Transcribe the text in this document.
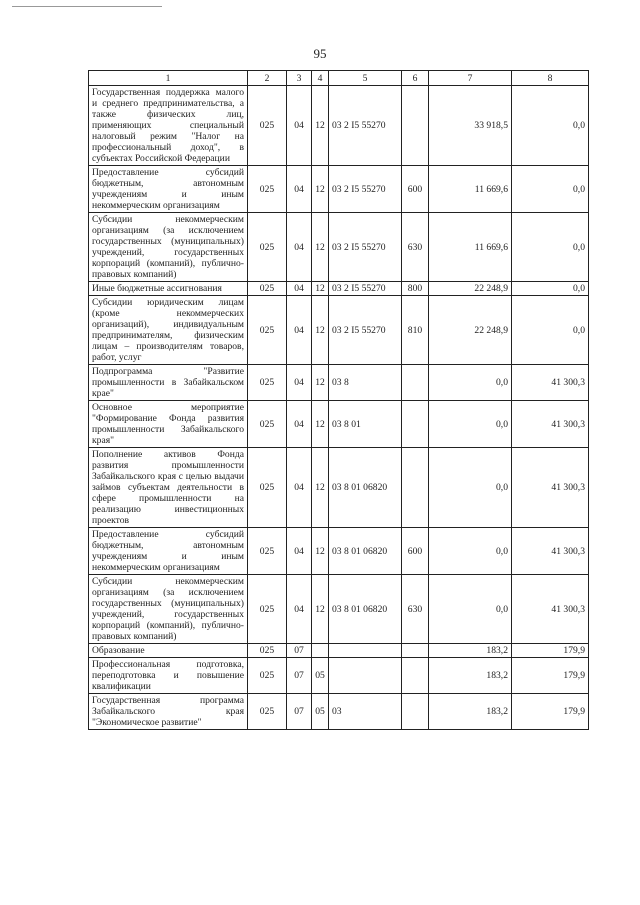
95
1	2	3	4	5	6	7	8
Государственная поддержка малого и среднего предпринимательства, а также физических лиц, применяющих специальный налоговый режим "Налог на профессиональный доход", в субъектах Российской Федерации	025	04	12	03 2 I5 55270		33 918,5	0,0
Предоставление субсидий бюджетным, автономным учреждениям и иным некоммерческим организациям	025	04	12	03 2 I5 55270	600	11 669,6	0,0
Субсидии некоммерческим организациям (за исключением государственных (муниципальных) учреждений, государственных корпораций (компаний), публично-правовых компаний)	025	04	12	03 2 I5 55270	630	11 669,6	0,0
Иные бюджетные ассигнования	025	04	12	03 2 I5 55270	800	22 248,9	0,0
Субсидии юридическим лицам (кроме некоммерческих организаций), индивидуальным предпринимателям, физическим лицам – производителям товаров, работ, услуг	025	04	12	03 2 I5 55270	810	22 248,9	0,0
Подпрограмма "Развитие промышленности в Забайкальском крае"	025	04	12	03 8		0,0	41 300,3
Основное мероприятие "Формирование Фонда развития промышленности Забайкальского края"	025	04	12	03 8 01		0,0	41 300,3
Пополнение активов Фонда развития промышленности Забайкальского края с целью выдачи займов субъектам деятельности в сфере промышленности на реализацию инвестиционных проектов	025	04	12	03 8 01 06820		0,0	41 300,3
Предоставление субсидий бюджетным, автономным учреждениям и иным некоммерческим организациям	025	04	12	03 8 01 06820	600	0,0	41 300,3
Субсидии некоммерческим организациям (за исключением государственных (муниципальных) учреждений, государственных корпораций (компаний), публично-правовых компаний)	025	04	12	03 8 01 06820	630	0,0	41 300,3
Образование	025	07				183,2	179,9
Профессиональная подготовка, переподготовка и повышение квалификации	025	07	05			183,2	179,9
Государственная программа Забайкальского края "Экономическое развитие"	025	07	05	03		183,2	179,9
